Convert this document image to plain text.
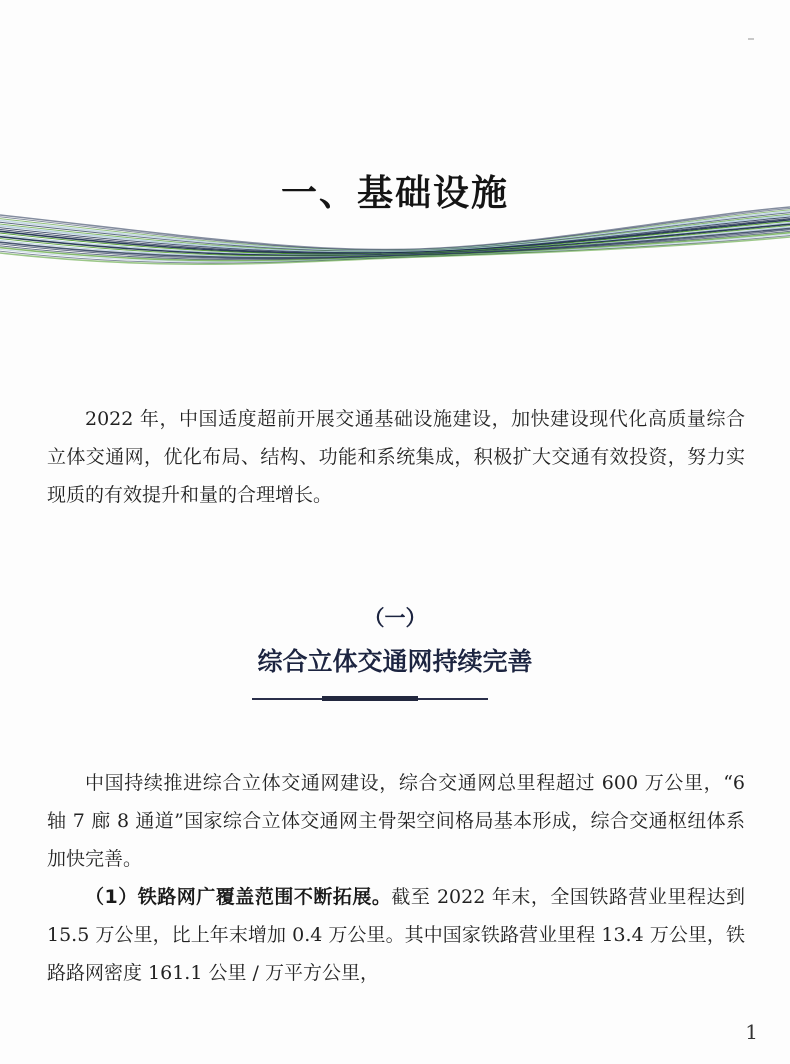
一、基础设施

2022 年，中国适度超前开展交通基础设施建设，加快建设现代化高质量综合立体交通网，优化布局、结构、功能和系统集成，积极扩大交通有效投资，努力实现质的有效提升和量的合理增长。

（一）
综合立体交通网持续完善

中国持续推进综合立体交通网建设，综合交通网总里程超过 600 万公里，“6 轴 7 廊 8 通道”国家综合立体交通网主骨架空间格局基本形成，综合交通枢纽体系加快完善。

（1）铁路网广覆盖范围不断拓展。截至 2022 年末，全国铁路营业里程达到 15.5 万公里，比上年末增加 0.4 万公里。其中国家铁路营业里程 13.4 万公里，铁路路网密度 161.1 公里 / 万平方公里，

1
